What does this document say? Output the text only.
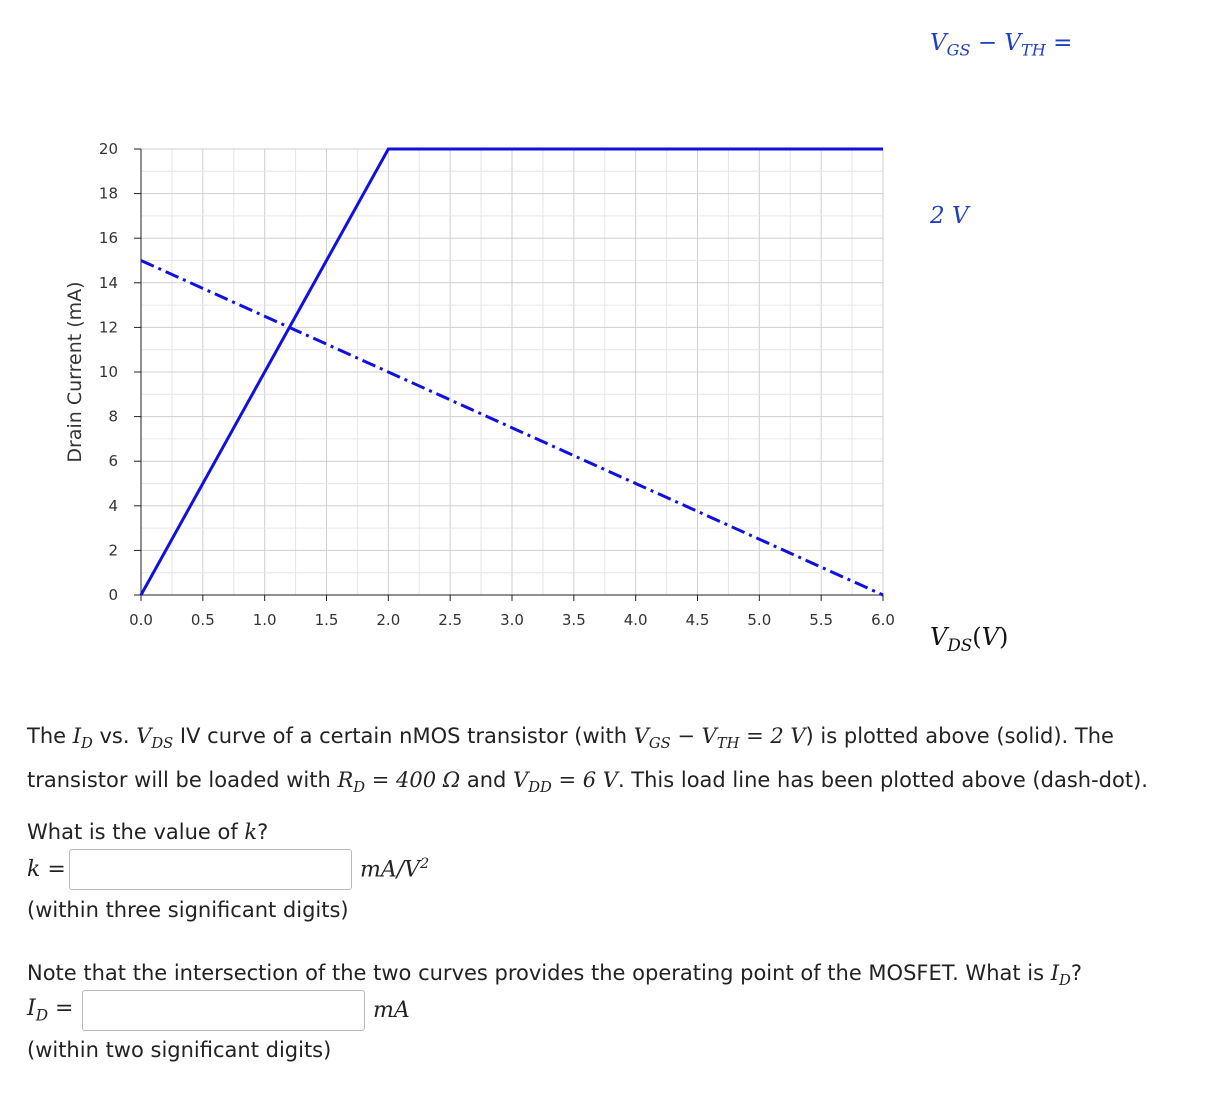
0
2
4
6
8
10
12
14
16
18
20
0.0	0.5	1.0	1.5	2.0	2.5	3.0	3.5	4.0	4.5	5.0	5.5	6.0
Drain Current (mA)
$V_{GS} - V_{TH}$ =
2 V
$V_{DS}(V)$
The $I_D$ vs. $V_{DS}$ IV curve of a certain nMOS transistor (with $V_{GS} - V_{TH} = 2$ V) is plotted above (solid). The transistor will be loaded with $R_D = 400$ Ω and $V_{DD} = 6$ V. This load line has been plotted above (dash-dot).
What is the value of k?
k =	$mA/V^2$
(within three significant digits)
Note that the intersection of the two curves provides the operating point of the MOSFET. What is $I_D$?
$I_D$ =	mA
(within two significant digits)
